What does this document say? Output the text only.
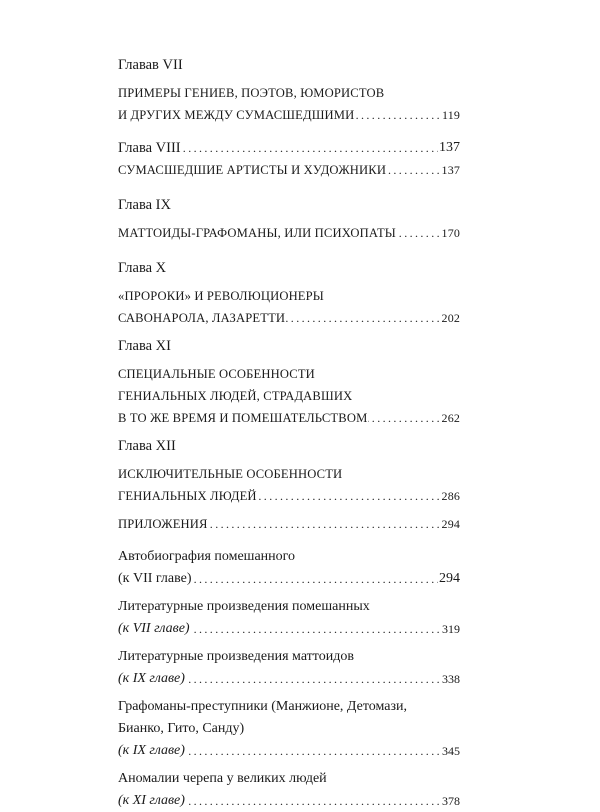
Главав VII
ПРИМЕРЫ ГЕНИЕВ, ПОЭТОВ, ЮМОРИСТОВ
.....
И ДРУГИХ МЕЖДУ СУМАСШЕДШИМИ	119
.....
Глава VIII	137
.....
СУМАСШЕДШИЕ АРТИСТЫ И ХУДОЖНИКИ	137
Глава IX
.....
МАТТОИДЫ-ГРАФОМАНЫ, ИЛИ ПСИХОПАТЫ	170
Глава X
«ПРОРОКИ» И РЕВОЛЮЦИОНЕРЫ
.....
САВОНАРОЛА, ЛАЗАРЕТТИ	202
Глава XI
СПЕЦИАЛЬНЫЕ ОСОБЕННОСТИ
ГЕНИАЛЬНЫХ ЛЮДЕЙ, СТРАДАВШИХ
.....
В ТО ЖЕ ВРЕМЯ И ПОМЕШАТЕЛЬСТВОМ	262
Глава XII
ИСКЛЮЧИТЕЛЬНЫЕ ОСОБЕННОСТИ
.....
ГЕНИАЛЬНЫХ ЛЮДЕЙ	286
.....
ПРИЛОЖЕНИЯ	294
Автобиография помешанного
.....
(к VII главе)	294
Литературные произведения помешанных
.....
(к VII главе)	319
Литературные произведения маттоидов
.....
(к IX главе)	338
Графоманы-преступники (Манжионе, Детомази,
Бианко, Гито, Санду)
.....
(к IX главе)	345
Аномалии черепа у великих людей
.....
(к XI главе)	378
